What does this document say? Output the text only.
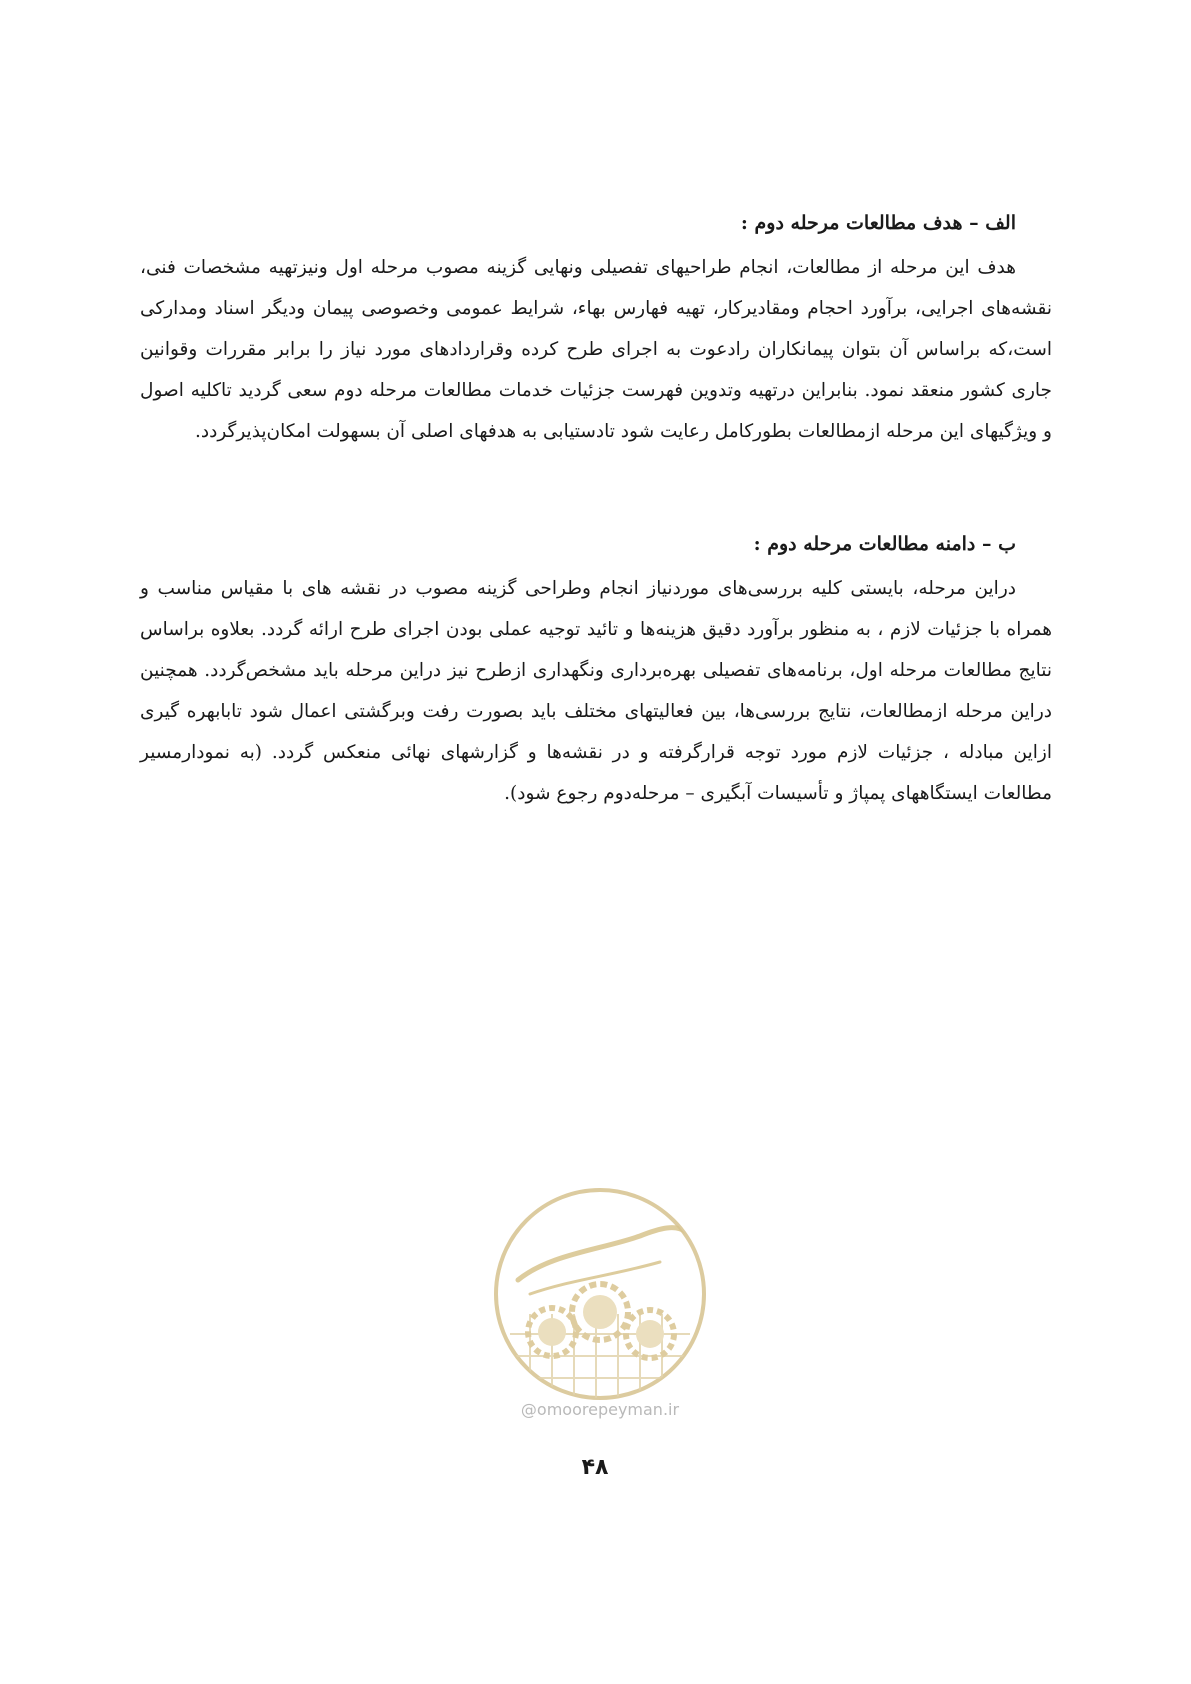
الف – هدف مطالعات مرحله دوم :

هدف این مرحله از مطالعات، انجام طراحیهای تفصیلی ونهایی گزینه مصوب مرحله اول ونیزتهیه مشخصات فنی، نقشه‌های اجرایی، برآورد احجام ومقادیرکار، تهیه فهارس بهاء، شرایط عمومی وخصوصی پیمان ودیگر اسناد ومدارکی است،که براساس آن بتوان پیمانکاران رادعوت به اجرای طرح کرده وقراردادهای مورد نیاز را برابر مقررات وقوانین جاری کشور منعقد نمود. بنابراین درتهیه وتدوین فهرست جزئیات خدمات مطالعات مرحله دوم سعی گردید تاکلیه اصول و ویژگیهای این مرحله ازمطالعات بطورکامل رعایت شود تادستیابی به هدفهای اصلی آن بسهولت امکان‌پذیرگردد.

ب – دامنه مطالعات مرحله دوم :

دراین مرحله، بایستی کلیه بررسی‌های موردنیاز انجام وطراحی گزینه مصوب در نقشه های با مقیاس مناسب و همراه با جزئیات لازم ، به منظور برآورد دقیق هزینه‌ها و تائید توجیه عملی بودن اجرای طرح ارائه گردد. بعلاوه براساس نتایج مطالعات مرحله اول، برنامه‌های تفصیلی بهره‌برداری ونگهداری ازطرح نیز دراین مرحله باید مشخص‌گردد. همچنین دراین مرحله ازمطالعات، نتایج بررسی‌ها، بین فعالیتهای مختلف باید بصورت رفت وبرگشتی اعمال شود تابابهره گیری ازاین مبادله ، جزئیات لازم مورد توجه قرارگرفته و در نقشه‌ها و گزارشهای نهائی منعکس گردد. (به نمودارمسیر مطالعات ایستگاههای پمپاژ و تأسیسات آبگیری – مرحله‌دوم رجوع شود).

@omoorepeyman.ir
۴۸
